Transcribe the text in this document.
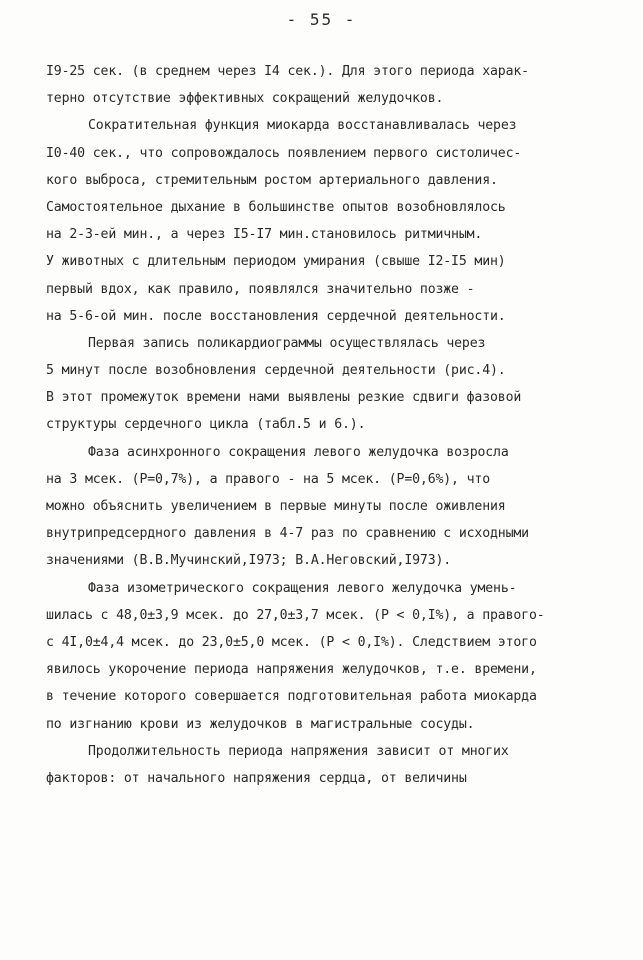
- 55 -
I9-25 сек. (в среднем через I4 сек.). Для этого периода харак-
терно отсутствие эффективных сокращений желудочков.
Сократительная функция миокарда восстанавливалась через
I0-40 сек., что сопровождалось появлением первого систоличес-
кого выброса, стремительным ростом артериального давления.
Самостоятельное дыхание в большинстве опытов возобновлялось
на 2-3-ей мин., а через I5-I7 мин.становилось ритмичным.
У животных с длительным периодом умирания (свыше I2-I5 мин)
первый вдох, как правило, появлялся значительно позже -
на 5-6-ой мин. после восстановления сердечной деятельности.
Первая запись поликардиограммы осуществлялась через
5 минут после возобновления сердечной деятельности (рис.4).
В этот промежуток времени нами выявлены резкие сдвиги фазовой
структуры сердечного цикла (табл.5 и 6.).
Фаза асинхронного сокращения левого желудочка возросла
на 3 мсек. (Р=0,7%), а правого - на 5 мсек. (Р=0,6%), что
можно объяснить увеличением в первые минуты после оживления
внутрипредсердного давления в 4-7 раз по сравнению с исходными
значениями (В.В.Мучинский,I973; В.А.Неговский,I973).
Фаза изометрического сокращения левого желудочка умень-
шилась с 48,0±3,9 мсек. до 27,0±3,7 мсек. (Р < 0,I%), а правого-
с 4I,0±4,4 мсек. до 23,0±5,0 мсек. (Р < 0,I%). Следствием этого
явилось укорочение периода напряжения желудочков, т.е. времени,
в течение которого совершается подготовительная работа миокарда
по изгнанию крови из желудочков в магистральные сосуды.
Продолжительность периода напряжения зависит от многих
факторов: от начального напряжения сердца, от величины
